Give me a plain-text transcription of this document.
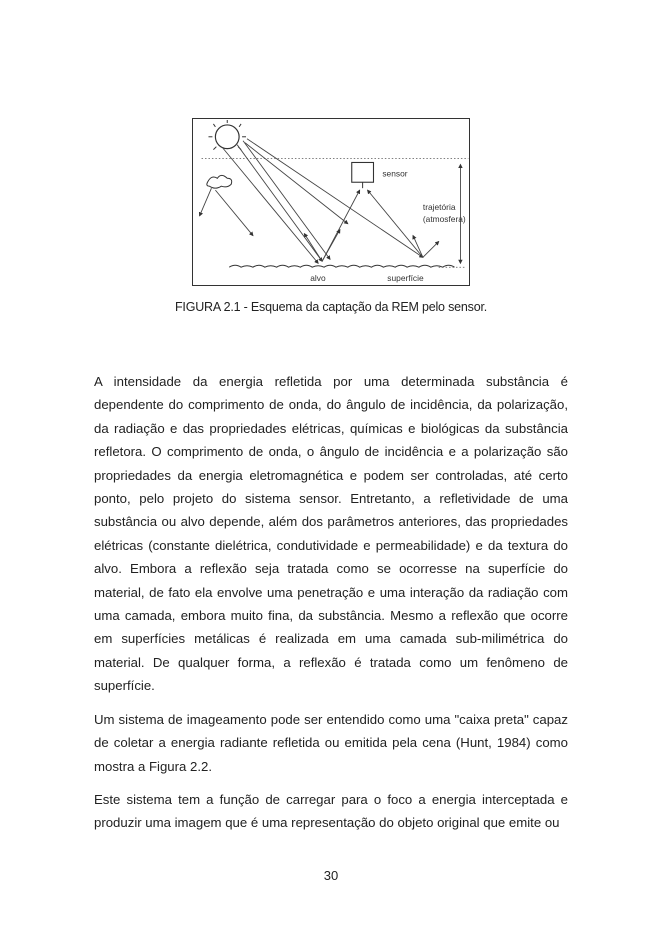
sensor
trajetória
(atmosfera)
alvo	superfície
FIGURA 2.1 - Esquema da captação da REM pelo sensor.

A intensidade da energia refletida por uma determinada substância é dependente do comprimento de onda, do ângulo de incidência, da polarização, da radiação e das propriedades elétricas, químicas e biológicas da substância refletora. O comprimento de onda, o ângulo de incidência e a polarização são propriedades da energia eletromagnética e podem ser controladas, até certo ponto, pelo projeto do sistema sensor. Entretanto, a refletividade de uma substância ou alvo depende, além dos parâmetros anteriores, das propriedades elétricas (constante dielétrica, condutividade e permeabilidade) e da textura do alvo. Embora a reflexão seja tratada como se ocorresse na superfície do material, de fato ela envolve uma penetração e uma interação da radiação com uma camada, embora muito fina, da substância. Mesmo a reflexão que ocorre em superfícies metálicas é realizada em uma camada sub-milimétrica do material. De qualquer forma, a reflexão é tratada como um fenômeno de superfície.

Um sistema de imageamento pode ser entendido como uma "caixa preta" capaz de coletar a energia radiante refletida ou emitida pela cena (Hunt, 1984) como mostra a Figura 2.2.

Este sistema tem a função de carregar para o foco a energia interceptada e produzir uma imagem que é uma representação do objeto original que emite ou

30
